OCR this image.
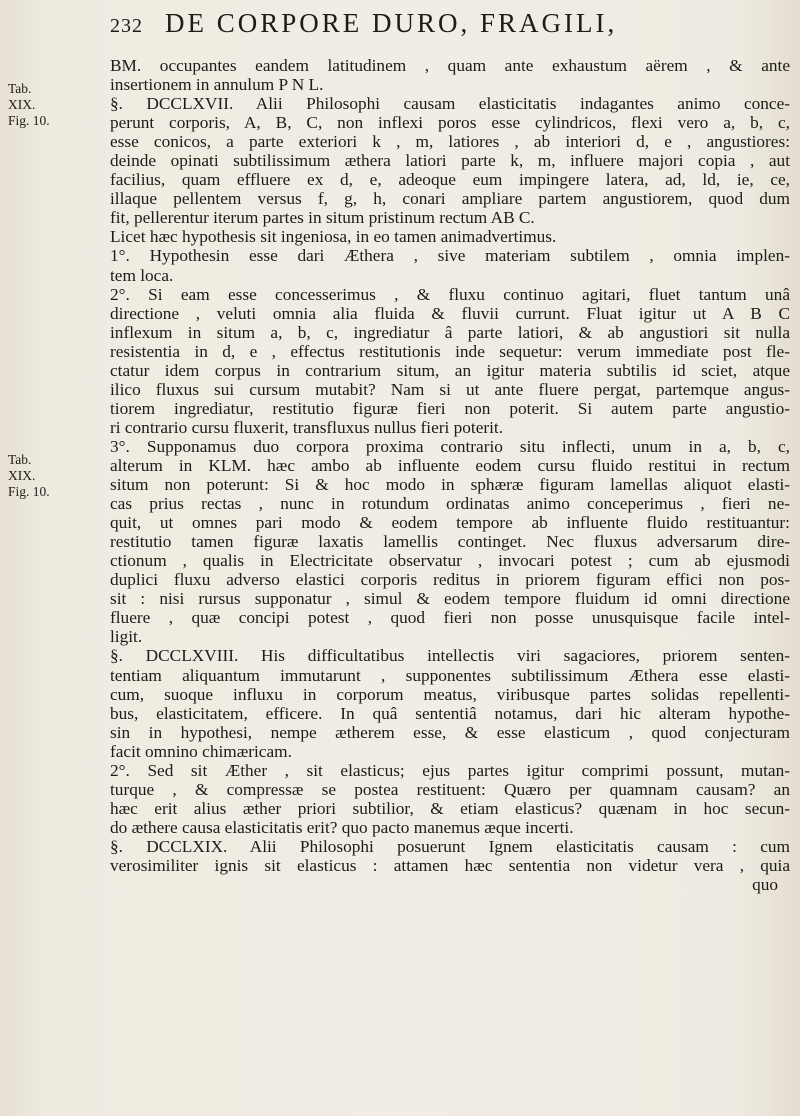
232 DE CORPORE DURO, FRAGILI,
Tab.
XIX.
Fig. 10.
Tab.
XIX.
Fig. 10.

BM. occupantes eandem latitudinem , quam ante exhaustum aërem , & ante

insertionem in annulum P N L.

§. DCCLXVII. Alii Philosophi causam elasticitatis indagantes animo conce-

perunt corporis, A, B, C, non inflexi poros esse cylindricos, flexi vero a, b, c,

esse conicos, a parte exteriori k , m, latiores , ab interiori d, e , angustiores:

deinde opinati subtilissimum æthera latiori parte k, m, influere majori copia , aut

facilius, quam effluere ex d, e, adeoque eum impingere latera, ad, ld, ie, ce,

illaque pellentem versus f, g, h, conari ampliare partem angustiorem, quod dum

fit, pellerentur iterum partes in situm pristinum rectum AB C.

Licet hæc hypothesis sit ingeniosa, in eo tamen animadvertimus.

1°. Hypothesin esse dari Æthera , sive materiam subtilem , omnia implen-

tem loca.

2°. Si eam esse concesserimus , & fluxu continuo agitari, fluet tantum unâ

directione , veluti omnia alia fluida & fluvii currunt. Fluat igitur ut A B C

inflexum in situm a, b, c, ingrediatur â parte latiori, & ab angustiori sit nulla

resistentia in d, e , effectus restitutionis inde sequetur: verum immediate post fle-

ctatur idem corpus in contrarium situm, an igitur materia subtilis id sciet, atque

ilico fluxus sui cursum mutabit? Nam si ut ante fluere pergat, partemque angus-

tiorem ingrediatur, restitutio figuræ fieri non poterit. Si autem parte angustio-

ri contrario cursu fluxerit, transfluxus nullus fieri poterit.

3°. Supponamus duo corpora proxima contrario situ inflecti, unum in a, b, c,

alterum in KLM. hæc ambo ab influente eodem cursu fluido restitui in rectum

situm non poterunt: Si & hoc modo in sphæræ figuram lamellas aliquot elasti-

cas prius rectas , nunc in rotundum ordinatas animo conceperimus , fieri ne-

quit, ut omnes pari modo & eodem tempore ab influente fluido restituantur:

restitutio tamen figuræ laxatis lamellis continget. Nec fluxus adversarum dire-

ctionum , qualis in Electricitate observatur , invocari potest ; cum ab ejusmodi

duplici fluxu adverso elastici corporis reditus in priorem figuram effici non pos-

sit : nisi rursus supponatur , simul & eodem tempore fluidum id omni directione

fluere , quæ concipi potest , quod fieri non posse unusquisque facile intel-

ligit.

§. DCCLXVIII. His difficultatibus intellectis viri sagaciores, priorem senten-

tentiam aliquantum immutarunt , supponentes subtilissimum Æthera esse elasti-

cum, suoque influxu in corporum meatus, viribusque partes solidas repellenti-

bus, elasticitatem, efficere. In quâ sententiâ notamus, dari hic alteram hypothe-

sin in hypothesi, nempe ætherem esse, & esse elasticum , quod conjecturam

facit omnino chimæricam.

2°. Sed sit Æther , sit elasticus; ejus partes igitur comprimi possunt, mutan-

turque , & compressæ se postea restituent: Quæro per quamnam causam? an

hæc erit alius æther priori subtilior, & etiam elasticus? quænam in hoc secun-

do æthere causa elasticitatis erit? quo pacto manemus æque incerti.

§. DCCLXIX. Alii Philosophi posuerunt Ignem elasticitatis causam : cum

verosimiliter ignis sit elasticus : attamen hæc sententia non videtur vera , quia

quo
